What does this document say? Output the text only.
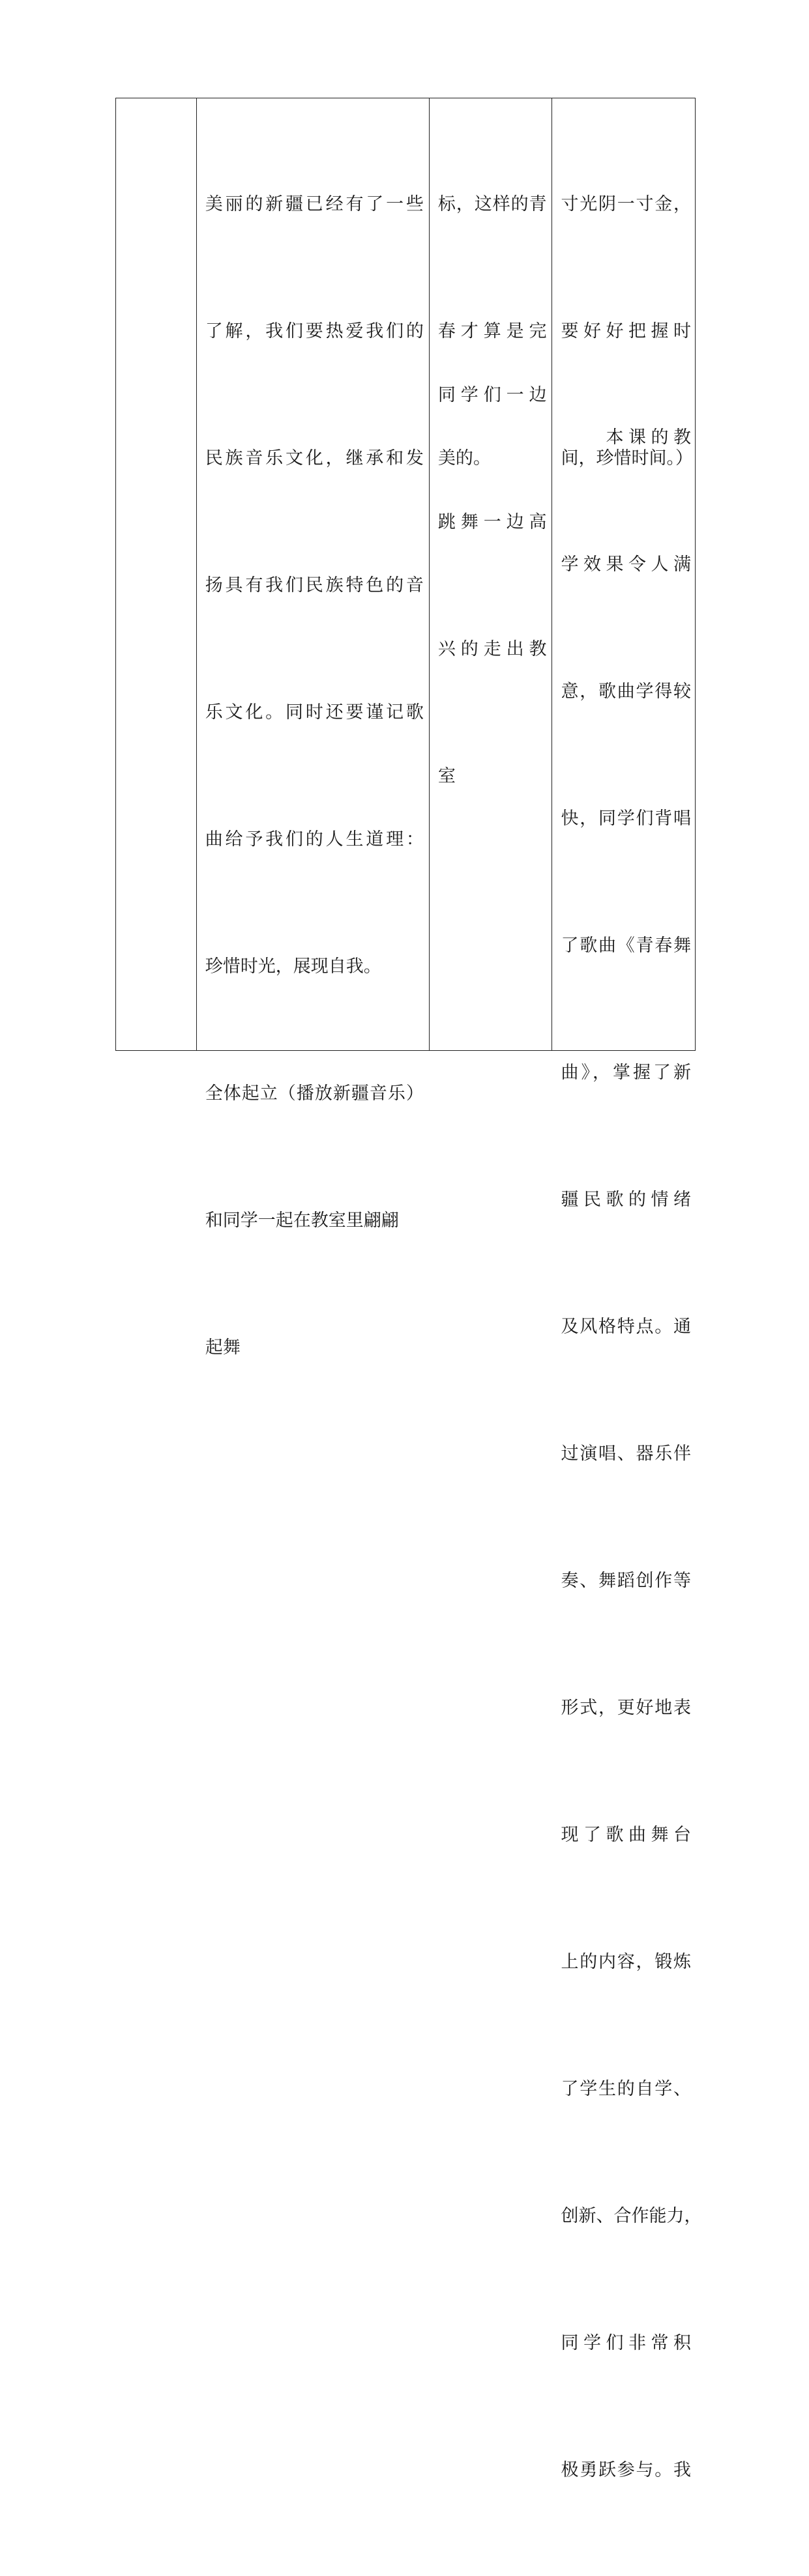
美丽的新疆已经有了一些

了解，我们要热爱我们的

民族音乐文化，继承和发

扬具有我们民族特色的音

乐文化。同时还要谨记歌

曲给予我们的人生道理：

珍惜时光，展现自我。

全体起立（播放新疆音乐）

和同学一起在教室里翩翩

起舞

标，这样的青

春才算是完

美的。

同学们一边

跳舞一边高

兴的走出教

室

寸光阴一寸金，

要好好把握时

间，珍惜时间。）

　　本课的教

学效果令人满

意，歌曲学得较

快，同学们背唱

了歌曲《青春舞

曲》，掌握了新

疆民歌的情绪

及风格特点。通

过演唱、器乐伴

奏、舞蹈创作等

形式，更好地表

现了歌曲舞台

上的内容，锻炼

了学生的自学、

创新、合作能力，

同学们非常积

极勇跃参与。我
